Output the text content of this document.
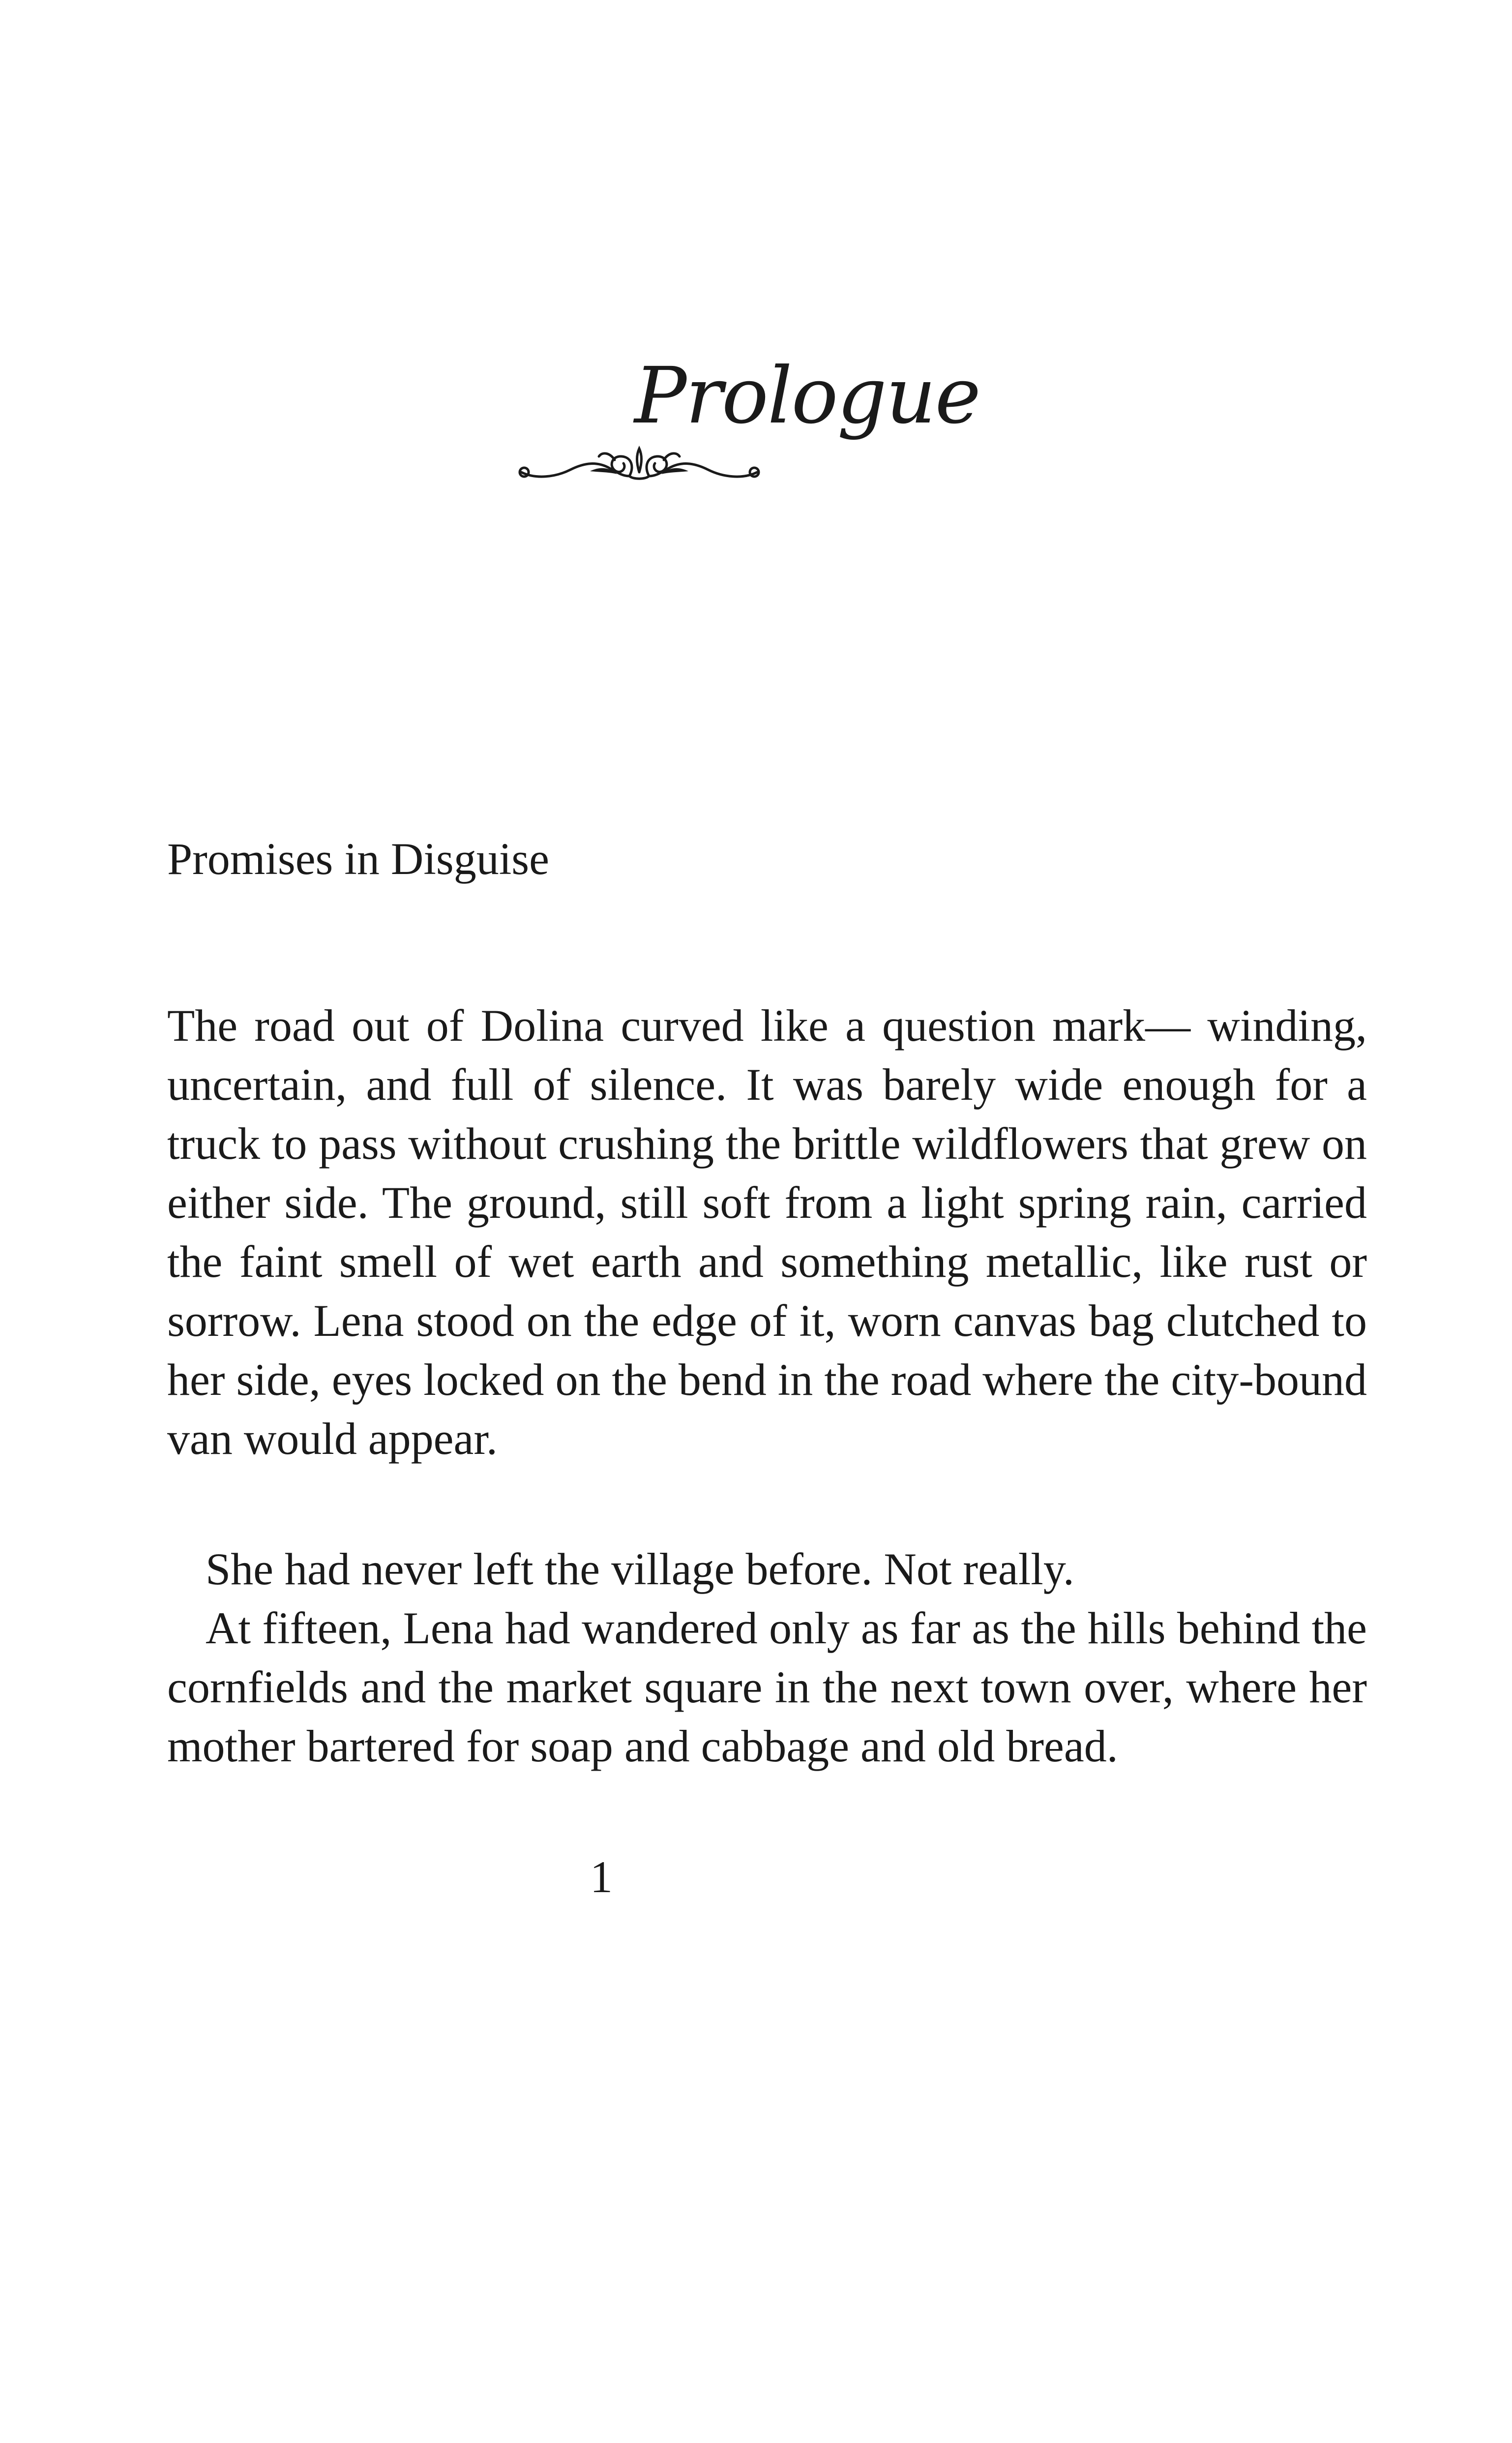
Prologue
Promises in Disguise

The road out of Dolina curved like a question mark— winding, uncertain, and full of silence. It was barely wide enough for a truck to pass without crushing the brittle wildflowers that grew on either side. The ground, still soft from a light spring rain, carried the faint smell of wet earth and something metallic, like rust or sorrow. Lena stood on the edge of it, worn canvas bag clutched to her side, eyes locked on the bend in the road where the city-bound van would appear.

She had never left the village before. Not really.

At fifteen, Lena had wandered only as far as the hills behind the cornfields and the market square in the next town over, where her mother bartered for soap and cabbage and old bread.

1
